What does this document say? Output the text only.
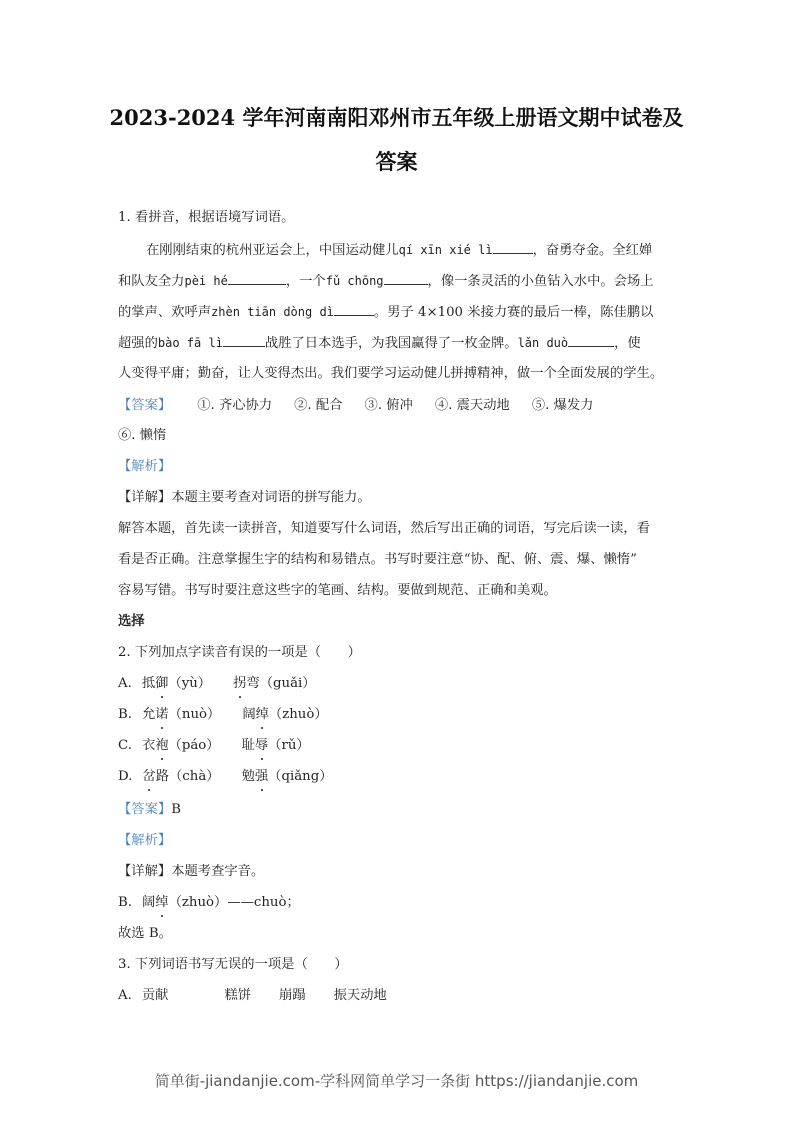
2023-2024 学年河南南阳邓州市五年级上册语文期中试卷及
答案
1. 看拼音，根据语境写词语。
在刚刚结束的杭州亚运会上，中国运动健儿qí xīn xié lì	，奋勇夺金。全红婵
和队友全力pèi hé	，一个fǔ chōng	，像一条灵活的小鱼钻入水中。会场上
的掌声、欢呼声zhèn tiān dòng dì	。男子 4×100 米接力赛的最后一棒，陈佳鹏以
超强的bào fā lì	战胜了日本选手，为我国赢得了一枚金牌。lǎn duò	，使
人变得平庸；勤奋，让人变得杰出。我们要学习运动健儿拼搏精神，做一个全面发展的学生。
【答案】 ①. 齐心协力 ②. 配合 ③. 俯冲 ④. 震天动地 ⑤. 爆发力
⑥. 懒惰
【解析】
【详解】本题主要考查对词语的拼写能力。
解答本题，首先读一读拼音，知道要写什么词语，然后写出正确的词语，写完后读一读，看
看是否正确。注意掌握生字的结构和易错点。书写时要注意“协、配、俯、震、爆、懒惰”
容易写错。书写时要注意这些字的笔画、结构。要做到规范、正确和美观。
选择
2. 下列加点字读音有误的一项是（　　）
A. 抵御（yù） 拐弯（guǎi）
B. 允诺（nuò） 阔绰（zhuò）
C. 衣袍（páo） 耻辱（rǔ）
D. 岔路（chà） 勉强（qiǎng）
【答案】B
【解析】
【详解】本题考查字音。
B. 阔绰（zhuò）——chuò；
故选 B。
3. 下列词语书写无误的一项是（　　）
A. 贡献	糕饼 崩蹋 振天动地
简单街-jiandanjie.com-学科网简单学习一条街 https://jiandanjie.com
